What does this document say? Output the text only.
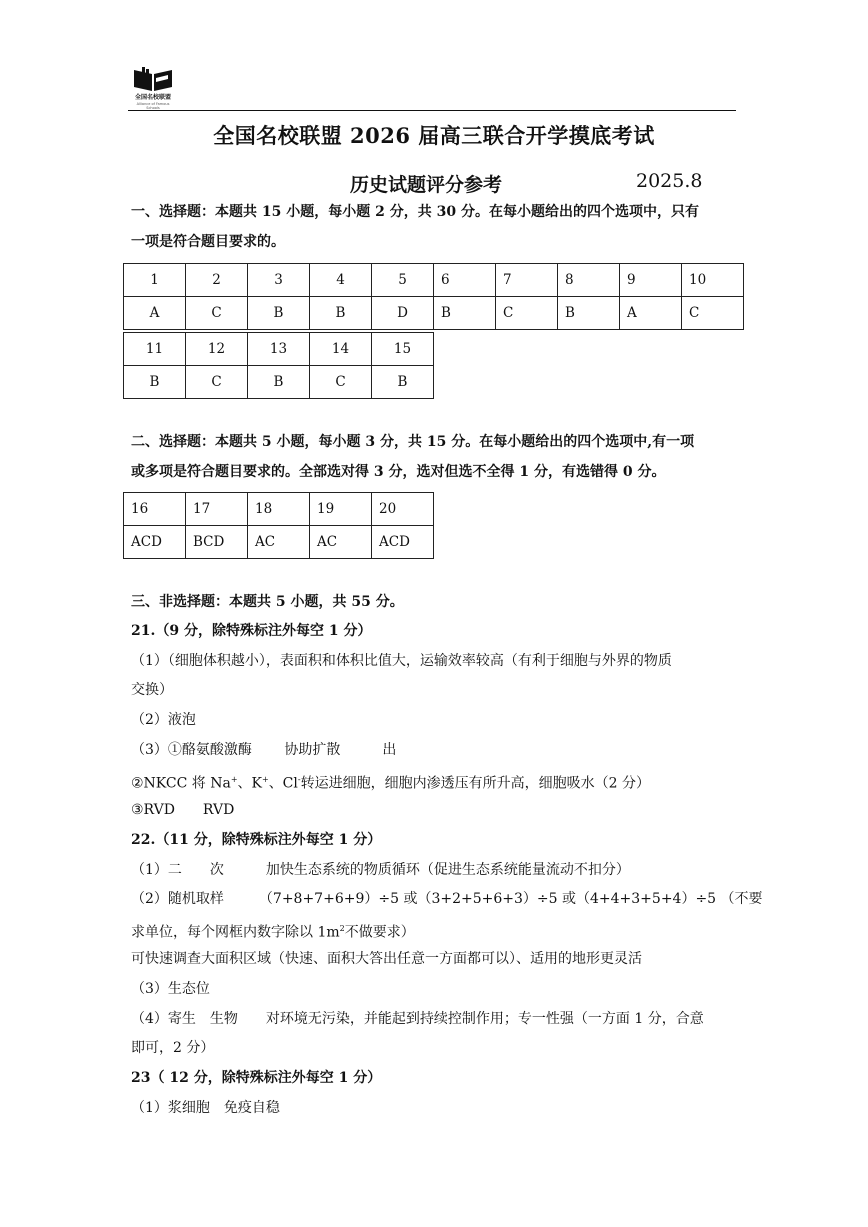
全国名校联盟
Alliance of Famous Schools
全国名校联盟 2026 届高三联合开学摸底考试
历史试题评分参考	2025.8
一、选择题：本题共 15 小题，每小题 2 分，共 30 分。在每小题给出的四个选项中，只有
一项是符合题目要求的。
1	2	3	4	5	6	7	8	9	10
A	C	B	B	D	B	C	B	A	C
11	12	13	14	15
B	C	B	C	B
二、选择题：本题共 5 小题，每小题 3 分，共 15 分。在每小题给出的四个选项中,有一项
或多项是符合题目要求的。全部选对得 3 分，选对但选不全得 1 分，有选错得 0 分。
16	17	18	19	20
ACD	BCD	AC	AC	ACD
三、非选择题：本题共 5 小题，共 55 分。
21.（9 分，除特殊标注外每空 1 分）
（1）（细胞体积越小），表面积和体积比值大，运输效率较高（有利于细胞与外界的物质
交换）
（2）液泡
（3）①酪氨酸激酶　　 协助扩散　　　出
②NKCC 将 Na+、K+、Cl-转运进细胞，细胞内渗透压有所升高，细胞吸水（2 分）
③RVD　　RVD
22.（11 分，除特殊标注外每空 1 分）
（1）二　　次　　　加快生态系统的物质循环（促进生态系统能量流动不扣分）
（2）随机取样　　　（7+8+7+6+9）÷5 或（3+2+5+6+3）÷5 或（4+4+3+5+4）÷5 （不要
求单位，每个网框内数字除以 $1m^2$不做要求）
可快速调查大面积区域（快速、面积大答出任意一方面都可以）、适用的地形更灵活
（3）生态位
（4）寄生　生物　　对环境无污染，并能起到持续控制作用；专一性强（一方面 1 分，合意
即可，2 分）
23（ 12 分，除特殊标注外每空 1 分）
（1）浆细胞　免疫自稳
